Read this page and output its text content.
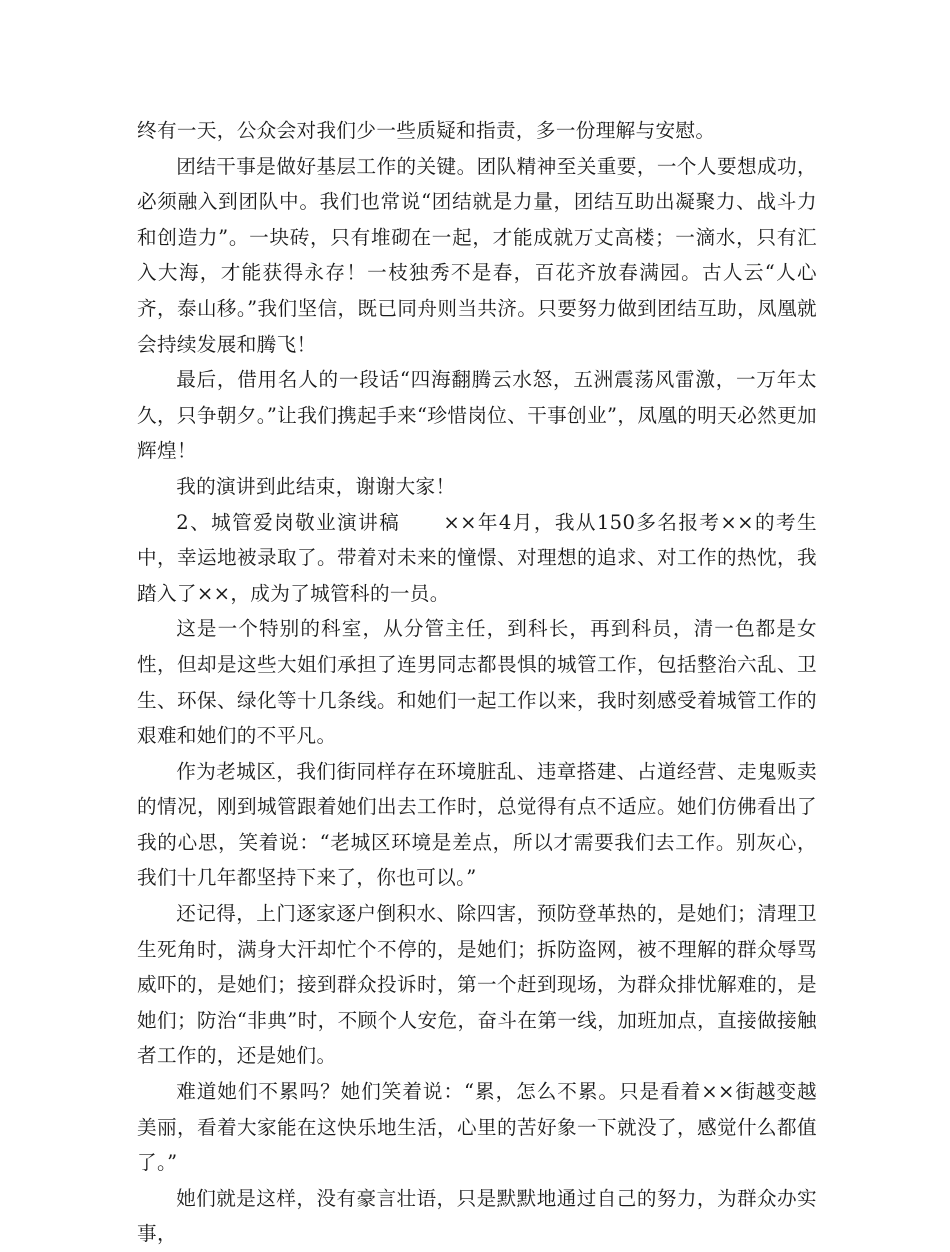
终有一天，公众会对我们少一些质疑和指责，多一份理解与安慰。

团结干事是做好基层工作的关键。团队精神至关重要，一个人要想成功，必须融入到团队中。我们也常说“团结就是力量，团结互助出凝聚力、战斗力和创造力”。一块砖，只有堆砌在一起，才能成就万丈高楼；一滴水，只有汇入大海，才能获得永存！一枝独秀不是春，百花齐放春满园。古人云“人心齐，泰山移。”我们坚信，既已同舟则当共济。只要努力做到团结互助，凤凰就会持续发展和腾飞！

最后，借用名人的一段话“四海翻腾云水怒，五洲震荡风雷激，一万年太久，只争朝夕。”让我们携起手来“珍惜岗位、干事创业”，凤凰的明天必然更加辉煌！

我的演讲到此结束，谢谢大家！

2、城管爱岗敬业演讲稿 ××年4月，我从150多名报考××的考生中，幸运地被录取了。带着对未来的憧憬、对理想的追求、对工作的热忱，我踏入了××，成为了城管科的一员。

这是一个特别的科室，从分管主任，到科长，再到科员，清一色都是女性，但却是这些大姐们承担了连男同志都畏惧的城管工作，包括整治六乱、卫生、环保、绿化等十几条线。和她们一起工作以来，我时刻感受着城管工作的艰难和她们的不平凡。

作为老城区，我们街同样存在环境脏乱、违章搭建、占道经营、走鬼贩卖的情况，刚到城管跟着她们出去工作时，总觉得有点不适应。她们仿佛看出了我的心思，笑着说：“老城区环境是差点，所以才需要我们去工作。别灰心，我们十几年都坚持下来了，你也可以。”

还记得，上门逐家逐户倒积水、除四害，预防登革热的，是她们；清理卫生死角时，满身大汗却忙个不停的，是她们；拆防盗网，被不理解的群众辱骂威吓的，是她们；接到群众投诉时，第一个赶到现场，为群众排忧解难的，是她们；防治“非典”时，不顾个人安危，奋斗在第一线，加班加点，直接做接触者工作的，还是她们。

难道她们不累吗？她们笑着说：“累，怎么不累。只是看着××街越变越美丽，看着大家能在这快乐地生活，心里的苦好象一下就没了，感觉什么都值了。”

她们就是这样，没有豪言壮语，只是默默地通过自己的努力，为群众办实事，
